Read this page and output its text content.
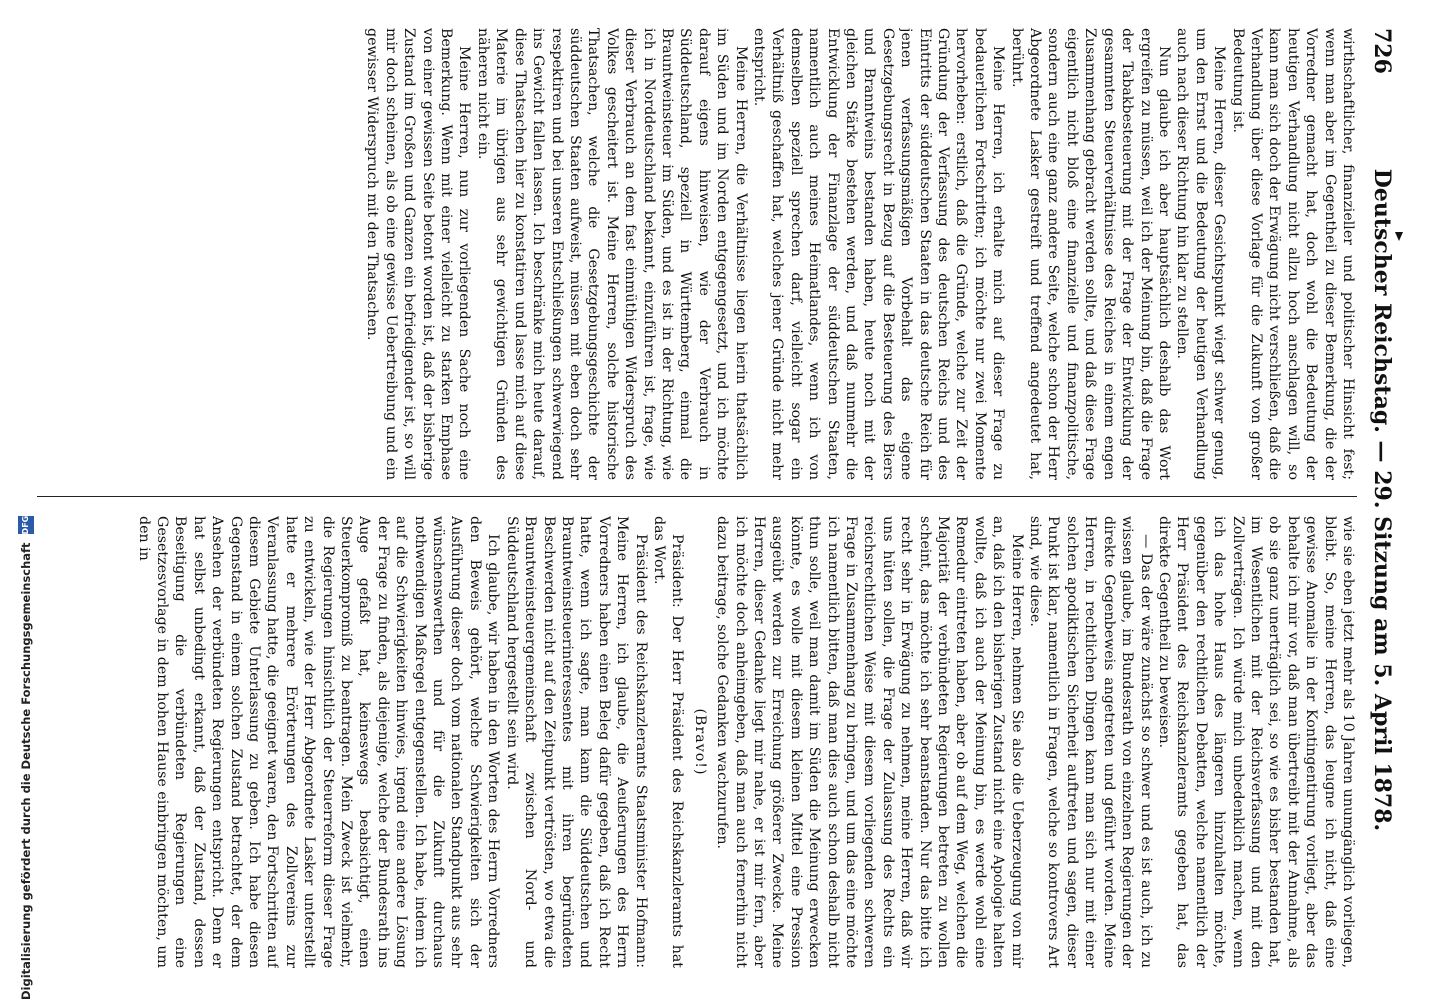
726
Deutscher Reichstag. — 29. Sitzung am 5. April 1878.

wirthschaftlicher, finanzieller und politischer Hinsicht fest; wenn man aber im Gegentheil zu dieser Bemerkung, die der Vorredner gemacht hat, doch wohl die Bedeutung der heutigen Verhandlung nicht allzu hoch anschlagen will, so kann man sich doch der Erwägung nicht verschließen, daß die Verhandlung über diese Vorlage für die Zukunft von großer Bedeutung ist.

Meine Herren, dieser Gesichtspunkt wiegt schwer genug, um den Ernst und die Bedeutung der heutigen Verhandlung auch nach dieser Richtung hin klar zu stellen.

Nun glaube ich aber hauptsächlich deshalb das Wort ergreifen zu müssen, weil ich der Meinung bin, daß die Frage der Tabakbesteuerung mit der Frage der Entwicklung der gesammten Steuerverhältnisse des Reiches in einem engen Zusammenhang gebracht werden sollte, und daß diese Frage eigentlich nicht bloß eine finanzielle und finanzpolitische, sondern auch eine ganz andere Seite, welche schon der Herr Abgeordnete Lasker gestreift und treffend angedeutet hat, berührt.

Meine Herren, ich erhalte mich auf dieser Frage zu bedauerlichen Fortschritten; ich möchte nur zwei Momente hervorheben: erstlich, daß die Gründe, welche zur Zeit der Gründung der Verfassung des deutschen Reichs und des Eintritts der süddeutschen Staaten in das deutsche Reich für jenen verfassungsmäßigen Vorbehalt das eigene Gesetzgebungsrecht in Bezug auf die Besteuerung des Biers und Branntweins bestanden haben, heute noch mit der gleichen Stärke bestehen werden, und daß nunmehr die Entwicklung der Finanzlage der süddeutschen Staaten, namentlich auch meines Heimatlandes, wenn ich von demselben speziell sprechen darf, vielleicht sogar ein Verhältniß geschaffen hat, welches jener Gründe nicht mehr entspricht.

Meine Herren, die Verhältnisse liegen hierin thatsächlich im Süden und im Norden entgegengesetzt, und ich möchte darauf eigens hinweisen, wie der Verbrauch in Süddeutschland, speziell in Württemberg, einmal die Brauntweinsteuer im Süden, und es ist in der Richtung, wie ich in Norddeutschland bekannt, einzuführen ist, frage, wie dieser Verbrauch an dem fast einmüthigen Widerspruch des Volkes gescheitert ist. Meine Herren, solche historische Thatsachen, welche die Gesetzgebungsgeschichte der süddeutschen Staaten aufweist, müssen mit eben doch sehr respektiren und bei unseren Entschließungen schwerwiegend ins Gewicht fallen lassen. Ich beschränke mich heute darauf, diese Thatsachen hier zu konstatiren und lasse mich auf diese Materie im übrigen aus sehr gewichtigen Gründen des näheren nicht ein.

Meine Herren, nun zur vorliegenden Sache noch eine Bemerkung. Wenn mit einer vielleicht zu starken Emphase von einer gewissen Seite betont worden ist, daß der bisherige Zustand im Großen und Ganzen ein befriedigender ist, so will mir doch scheinen, als ob eine gewisse Uebertreibung und ein gewisser Widerspruch mit den Thatsachen.

wie sie eben jetzt mehr als 10 Jahren unumgänglich vorliegen, bleibt. So, meine Herren, das leugne ich nicht, daß eine gewisse Anomalie in der Kontingentirung vorliegt, aber das behalte ich mir vor, daß man übertreibt mit der Annahme, als ob sie ganz unerträglich sei, so wie es bisher bestanden hat, im Wesentlichen mit der Reichsverfassung und mit den Zollverträgen. Ich würde mich unbedenklich machen, wenn ich das hohe Haus des längeren hinzuhalten möchte, gegenüber den rechtlichen Debatten, welche namentlich der Herr Präsident des Reichskanzleramts gegeben hat, das direkte Gegentheil zu beweisen.

— Das der wäre zunächst so schwer und es ist auch, ich zu wissen glaube, im Bundesrath von einzelnen Regierungen der direkte Gegenbeweis angetreten und geführt worden. Meine Herren, in rechtlichen Dingen kann man sich nur mit einer solchen apodiktischen Sicherheit auftreten und sagen, dieser Punkt ist klar, namentlich in Fragen, welche so kontrovers Art sind, wie diese.

Meine Herren, nehmen Sie also die Ueberzeugung von mir an, daß ich den bisherigen Zustand nicht eine Apologie halten wollte, daß ich auch der Meinung bin, es werde wohl eine Remedur eintreten haben, aber ob auf dem Weg, welchen die Majorität der verbündeten Regierungen betreten zu wollen scheint, das möchte ich sehr beanstanden. Nur das bitte ich recht sehr in Erwägung zu nehmen, meine Herren, daß wir uns hüten sollen, die Frage der Zulassung des Rechts ein reichsrechtlichen Weise mit diesem vorliegenden schweren Frage in Zusammenhang zu bringen, und um das eine möchte ich namentlich bitten, daß man dies auch schon deshalb nicht thun solle, weil man damit im Süden die Meinung erwecken könnte, es wolle mit diesem kleinen Mittel eine Pression ausgeübt werden zur Erreichung größerer Zwecke. Meine Herren, dieser Gedanke liegt mir nahe, er ist mir fern, aber ich möchte doch anheimgeben, daß man auch fernerhin nicht dazu beitrage, solche Gedanken wachzurufen.

(Bravo!)

Präsident: Der Herr Präsident des Reichskanzleramts hat das Wort.

Präsident des Reichskanzleramts Staatsminister Hofmann: Meine Herren, ich glaube, die Aeußerungen des Herrn Vorredners haben einen Beleg dafür gegeben, daß ich Recht hatte, wenn ich sagte, man kann die Süddeutschen und Brauntweinsteuerinteressentes mit ihren begründeten Beschwerden nicht auf den Zeitpunkt vertrösten, wo etwa die Brauntweinsteuergemeinschaft zwischen Nord- und Süddeutschland hergestellt sein wird.

Ich glaube, wir haben in den Worten des Herrn Vorredners den Beweis gehört, welche Schwierigkeiten sich der Ausführung dieser doch vom nationalen Standpunkt aus sehr wünschenswerthen und für die Zukunft durchaus nothwendigen Maßregel entgegenstellen. Ich habe, indem ich auf die Schwierigkeiten hinwies, irgend eine andere Lösung der Frage zu finden, als diejenige, welche der Bundesrath ins Auge gefaßt hat, keineswegs beabsichtigt, einen Steuerkompromiß zu beantragen. Mein Zweck ist vielmehr, die Regierungen hinsichtlich der Steuerreform dieser Frage zu entwickeln, wie der Herr Abgeordnete Lasker unterstellt hatte er mehrere Erörterungen des Zollvereins zur Veranlassung hatte, die geeignet waren, den Fortschritten auf diesem Gebiete Unterlassung zu geben. Ich habe diesen Gegenstand in einem solchen Zustand betrachtet, der dem Ansehen der verbündeten Regierungen entspricht. Denn er hat selbst unbedingt erkannt, daß der Zustand, dessen Beseitigung die verbündeten Regierungen eine Gesetzesvorlage in dem hohen Hause einbringen möchten, um den in

Digitalisierung gefördert durch die Deutsche Forschungsgemeinschaft
DFG
